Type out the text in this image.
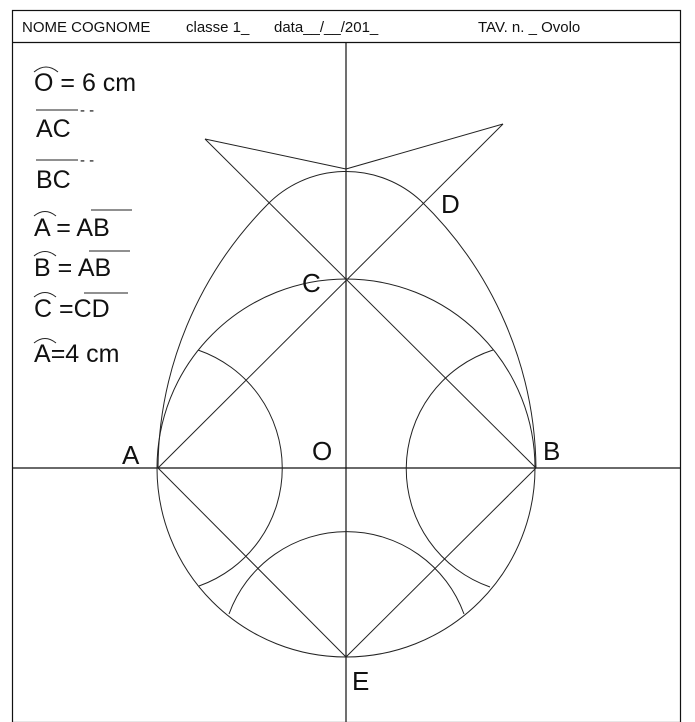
NOME COGNOME classe 1_ data__/__/201_	TAV. n. _ Ovolo
A	B
C
D
E
O
O = 6 cm
AC
- -
BC
- -
A = AB
B = AB
C =CD
A=4 cm
